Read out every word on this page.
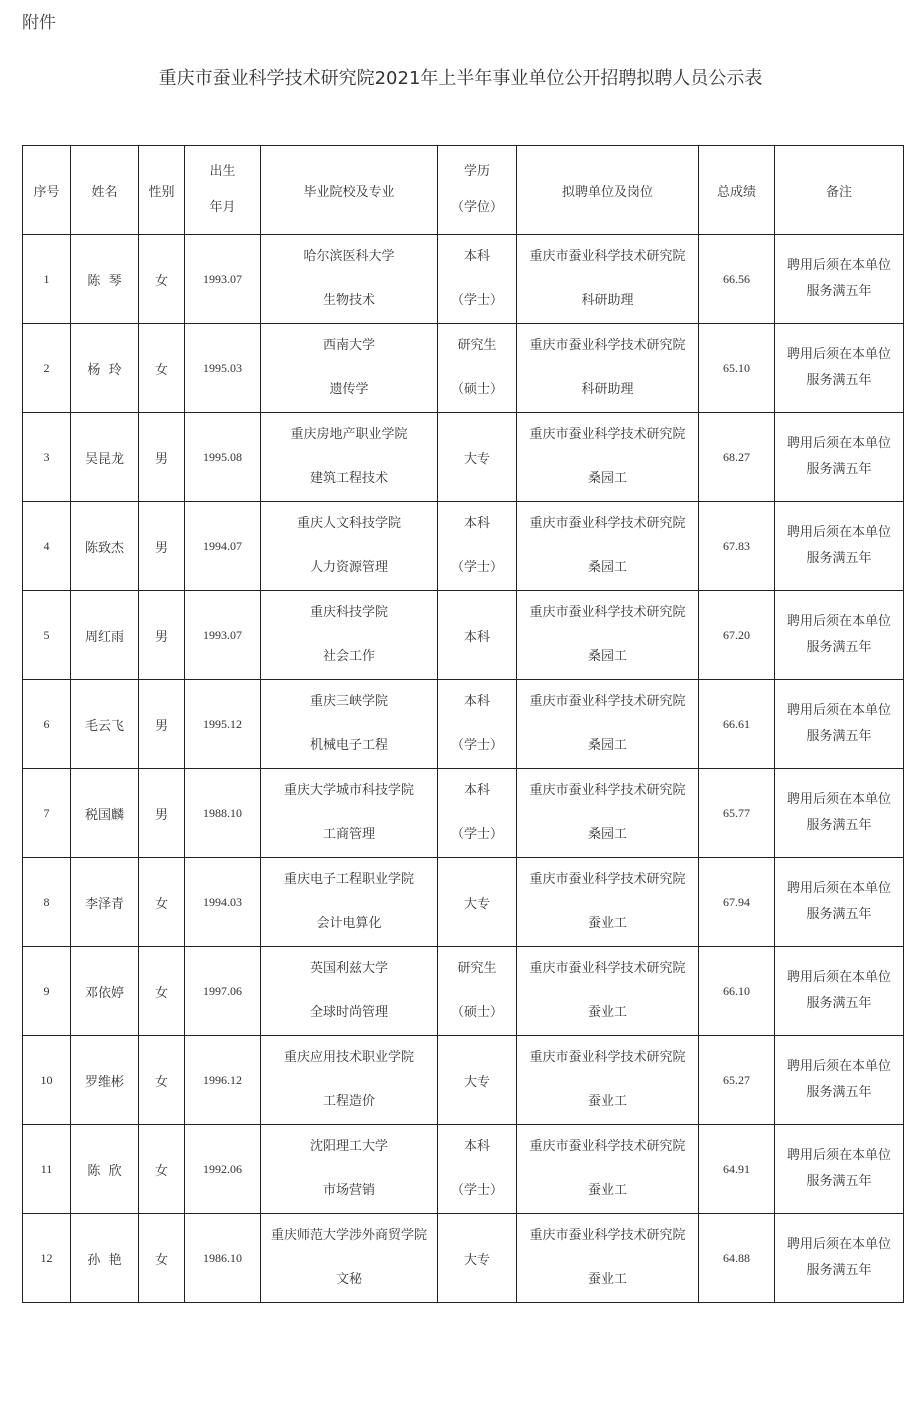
附件
重庆市蚕业科学技术研究院2021年上半年事业单位公开招聘拟聘人员公示表
序号	姓名	性别	出生
年月	毕业院校及专业	学历
（学位）	拟聘单位及岗位	总成绩	备注
1	陈  琴	女	1993.07	哈尔滨医科大学
生物技术	本科
（学士）	重庆市蚕业科学技术研究院
科研助理	66.56	聘用后须在本单位
服务满五年

2	杨  玲	女	1995.03	西南大学
遗传学	研究生
（硕士）	重庆市蚕业科学技术研究院
科研助理	65.10	聘用后须在本单位
服务满五年

3	吴昆龙	男	1995.08	重庆房地产职业学院
建筑工程技术	大专	重庆市蚕业科学技术研究院
桑园工	68.27	聘用后须在本单位
服务满五年

4	陈致杰	男	1994.07	重庆人文科技学院
人力资源管理	本科
（学士）	重庆市蚕业科学技术研究院
桑园工	67.83	聘用后须在本单位
服务满五年

5	周红雨	男	1993.07	重庆科技学院
社会工作	本科	重庆市蚕业科学技术研究院
桑园工	67.20	聘用后须在本单位
服务满五年

6	毛云飞	男	1995.12	重庆三峡学院
机械电子工程	本科
（学士）	重庆市蚕业科学技术研究院
桑园工	66.61	聘用后须在本单位
服务满五年

7	税国麟	男	1988.10	重庆大学城市科技学院
工商管理	本科
（学士）	重庆市蚕业科学技术研究院
桑园工	65.77	聘用后须在本单位
服务满五年

8	李泽青	女	1994.03	重庆电子工程职业学院
会计电算化	大专	重庆市蚕业科学技术研究院
蚕业工	67.94	聘用后须在本单位
服务满五年

9	邓依婷	女	1997.06	英国利兹大学
全球时尚管理	研究生
（硕士）	重庆市蚕业科学技术研究院
蚕业工	66.10	聘用后须在本单位
服务满五年

10	罗维彬	女	1996.12	重庆应用技术职业学院
工程造价	大专	重庆市蚕业科学技术研究院
蚕业工	65.27	聘用后须在本单位
服务满五年

11	陈  欣	女	1992.06	沈阳理工大学
市场营销	本科
（学士）	重庆市蚕业科学技术研究院
蚕业工	64.91	聘用后须在本单位
服务满五年

12	孙  艳	女	1986.10	重庆师范大学涉外商贸学院
文秘	大专	重庆市蚕业科学技术研究院
蚕业工	64.88	聘用后须在本单位
服务满五年
